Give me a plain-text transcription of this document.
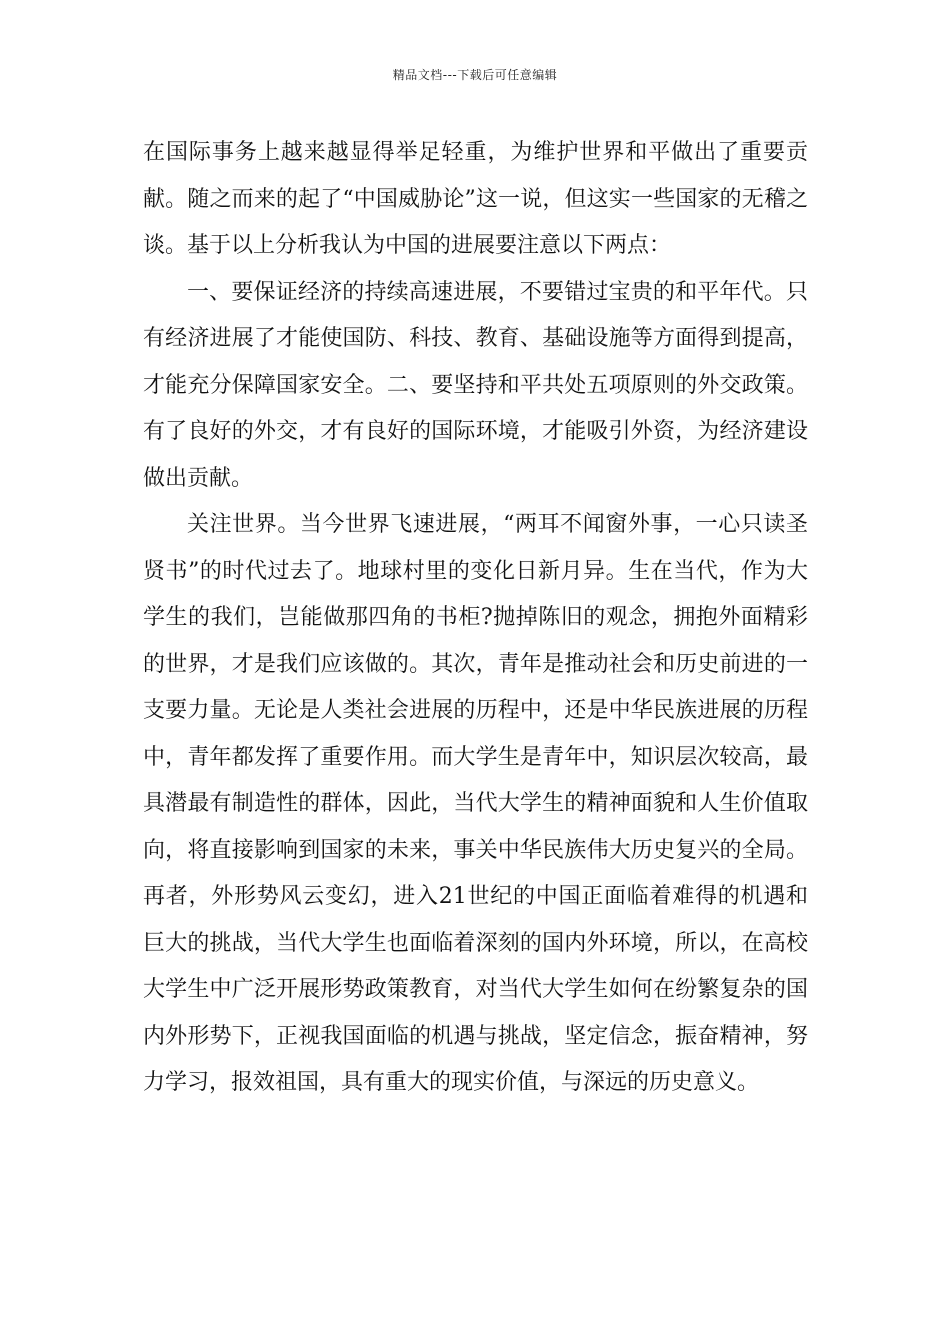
精品文档---下载后可任意编辑

在国际事务上越来越显得举足轻重，为维护世界和平做出了重要贡献。随之而来的起了“中国威胁论”这一说，但这实一些国家的无稽之谈。基于以上分析我认为中国的进展要注意以下两点：

一、要保证经济的持续高速进展，不要错过宝贵的和平年代。只有经济进展了才能使国防、科技、教育、基础设施等方面得到提高，才能充分保障国家安全。二、要坚持和平共处五项原则的外交政策。有了良好的外交，才有良好的国际环境，才能吸引外资，为经济建设做出贡献。

关注世界。当今世界飞速进展，“两耳不闻窗外事，一心只读圣贤书”的时代过去了。地球村里的变化日新月异。生在当代，作为大学生的我们，岂能做那四角的书柜?抛掉陈旧的观念，拥抱外面精彩的世界，才是我们应该做的。其次，青年是推动社会和历史前进的一支要力量。无论是人类社会进展的历程中，还是中华民族进展的历程中，青年都发挥了重要作用。而大学生是青年中，知识层次较高，最具潜最有制造性的群体，因此，当代大学生的精神面貌和人生价值取向，将直接影响到国家的未来，事关中华民族伟大历史复兴的全局。再者，外形势风云变幻，进入21世纪的中国正面临着难得的机遇和巨大的挑战，当代大学生也面临着深刻的国内外环境，所以，在高校大学生中广泛开展形势政策教育，对当代大学生如何在纷繁复杂的国内外形势下，正视我国面临的机遇与挑战，坚定信念，振奋精神，努力学习，报效祖国，具有重大的现实价值，与深远的历史意义。
